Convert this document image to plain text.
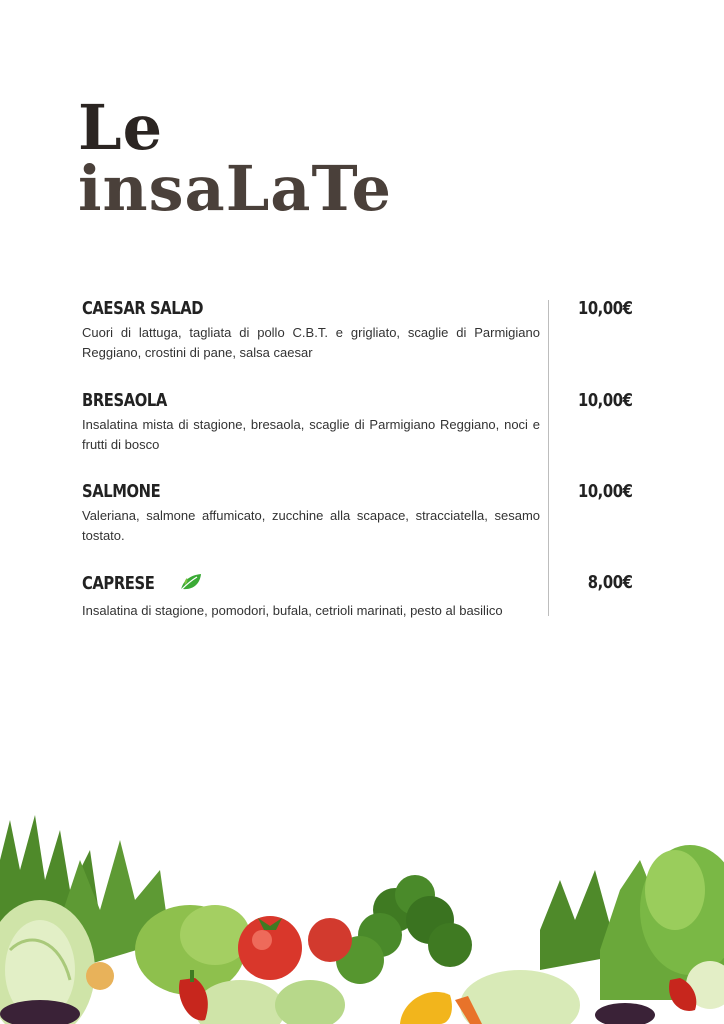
Le
insaLaTe
CAESAR SALAD
Cuori di lattuga, tagliata di pollo C.B.T. e grigliato, scaglie di Parmigiano Reggiano, crostini di pane, salsa caesar
10,00€
BRESAOLA
Insalatina mista di stagione, bresaola, scaglie di Parmigiano Reggiano, noci e frutti di bosco
10,00€
SALMONE
Valeriana, salmone affumicato, zucchine alla scapace, stracciatella, sesamo tostato.
10,00€
CAPRESE
Insalatina di stagione, pomodori, bufala, cetrioli marinati, pesto al basilico
8,00€
